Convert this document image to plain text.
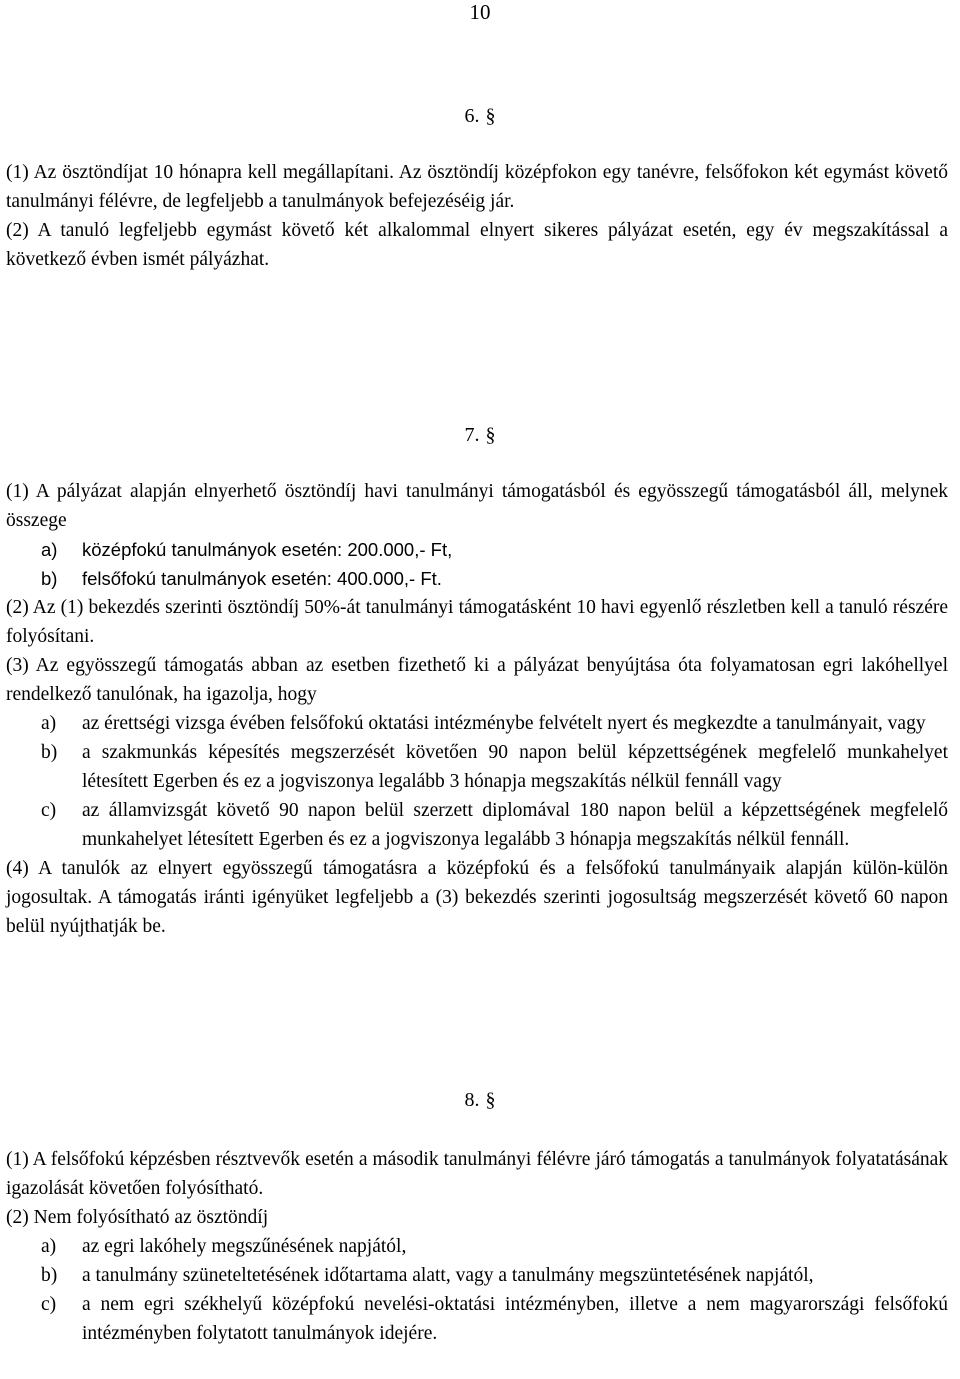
10
6. §

(1) Az ösztöndíjat 10 hónapra kell megállapítani. Az ösztöndíj középfokon egy tanévre, felsőfokon két egymást követő tanulmányi félévre, de legfeljebb a tanulmányok befejezéséig jár.

(2) A tanuló legfeljebb egymást követő két alkalommal elnyert sikeres pályázat esetén, egy év megszakítással a következő évben ismét pályázhat.

7. §

(1) A pályázat alapján elnyerhető ösztöndíj havi tanulmányi támogatásból és egyösszegű támogatásból áll, melynek összege

a) középfokú tanulmányok esetén: 200.000,- Ft,

b) felsőfokú tanulmányok esetén: 400.000,- Ft.

(2) Az (1) bekezdés szerinti ösztöndíj 50%-át tanulmányi támogatásként 10 havi egyenlő részletben kell a tanuló részére folyósítani.

(3) Az egyösszegű támogatás abban az esetben fizethető ki a pályázat benyújtása óta folyamatosan egri lakóhellyel rendelkező tanulónak, ha igazolja, hogy

a) az érettségi vizsga évében felsőfokú oktatási intézménybe felvételt nyert és megkezdte a tanulmányait, vagy

b) a szakmunkás képesítés megszerzését követően 90 napon belül képzettségének megfelelő munkahelyet létesített Egerben és ez a jogviszonya legalább 3 hónapja megszakítás nélkül fennáll vagy

c) az államvizsgát követő 90 napon belül szerzett diplomával 180 napon belül a képzettségének megfelelő munkahelyet létesített Egerben és ez a jogviszonya legalább 3 hónapja megszakítás nélkül fennáll.

(4) A tanulók az elnyert egyösszegű támogatásra a középfokú és a felsőfokú tanulmányaik alapján külön-külön jogosultak. A támogatás iránti igényüket legfeljebb a (3) bekezdés szerinti jogosultság megszerzését követő 60 napon belül nyújthatják be.

8. §

(1) A felsőfokú képzésben résztvevők esetén a második tanulmányi félévre járó támogatás a tanulmányok folyatatásának igazolását követően folyósítható.

(2) Nem folyósítható az ösztöndíj

a) az egri lakóhely megszűnésének napjától,

b) a tanulmány szüneteltetésének időtartama alatt, vagy a tanulmány megszüntetésének napjától,

c) a nem egri székhelyű középfokú nevelési-oktatási intézményben, illetve a nem magyarországi felsőfokú intézményben folytatott tanulmányok idejére.
